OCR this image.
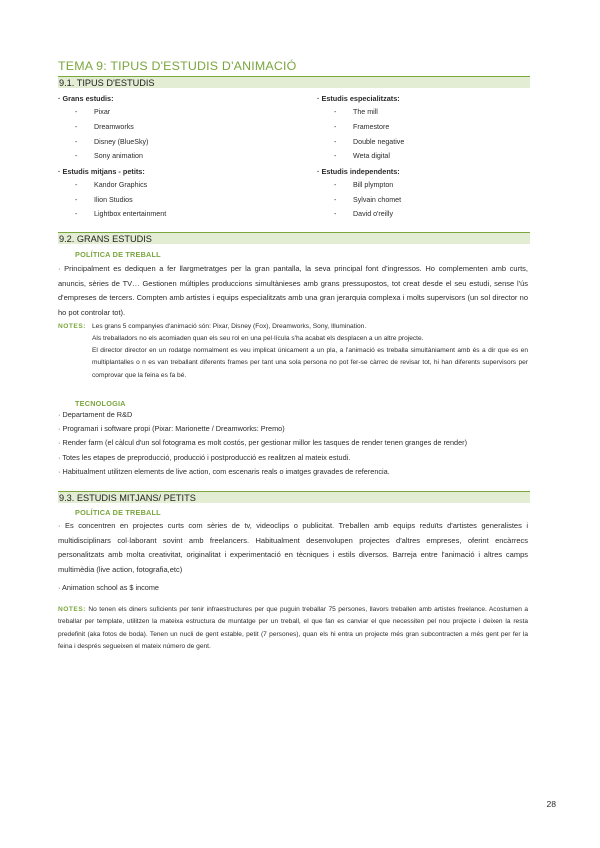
TEMA 9: TIPUS D'ESTUDIS D'ANIMACIÓ
9.1. TIPUS D'ESTUDIS
· Grans estudis:
- Pixar
- Dreamworks
- Disney (BlueSky)
- Sony animation
· Estudis mitjans - petits:
- Kandor Graphics
- Ilion Studios
- Lightbox entertainment
· Estudis especialitzats:
- The mill
- Framestore
- Double negative
- Weta digital
· Estudis independents:
- Bill plympton
- Sylvain chomet
- David o'reilly
9.2. GRANS ESTUDIS
POLÍTICA DE TREBALL
· Principalment es dediquen a fer llargmetratges per la gran pantalla, la seva principal font d'ingressos. Ho complementen amb curts, anuncis, sèries de TV… Gestionen múltiples produccions simultànieses amb grans pressupostos, tot creat desde el seu estudi, sense l'ús d'empreses de tercers. Compten amb artistes i equips especialitzats amb una gran jerarquia complexa i molts supervisors (un sol director no ho pot controlar tot).
NOTES: Les grans 5 companyies d'animació són: Pixar, Disney (Fox), Dreamworks, Sony, Illumination.
Als treballadors no els acomiaden quan els seu rol en una pel·lícula s'ha acabat els desplacen a un altre projecte.
El director director en un rodatge normalment es veu implicat únicament a un pla, a l'animació es treballa simultàniament amb és a dir que es en multiplantalles o n es van treballant diferents frames per tant una sola persona no pot fer-se càrrec de revisar tot, hi han diferents supervisors per comprovar que la feina es fa bé.
TECNOLOGIA
· Departament de R&D
· Programari i software propi (Pixar: Marionette / Dreamworks: Premo)
· Render farm (el càlcul d'un sol fotograma es molt costós, per gestionar millor les tasques de render tenen granges de render)
· Totes les etapes de preproducció, producció i postproducció es realitzen al mateix estudi.
· Habitualment utilitzen elements de live action, com escenaris reals o imatges gravades de referencia.
9.3. ESTUDIS MITJANS/ PETITS
POLÍTICA DE TREBALL
· Es concentren en projectes curts com sèries de tv, videoclips o publicitat. Treballen amb equips reduïts d'artistes generalistes i multidisciplinars col·laborant sovint amb freelancers. Habitualment desenvolupen projectes d'altres empreses, oferint encàrrecs personalitzats amb molta creativitat, originalitat i experimentació en tècniques i estils diversos. Barreja entre l'animació i altres camps multimèdia (live action, fotografia,etc)
· Animation school as $ income
NOTES: No tenen els diners suficients per tenir infraestructures per que puguin treballar 75 persones, llavors treballen amb artistes freelance. Acostumen a treballar per template, utilitzen la mateixa estructura de muntatge per un treball, el que fan es canviar el que necessiten pel nou projecte i deixen la resta predefinit (aka fotos de boda). Tenen un nucli de gent estable, petit (7 persones), quan els hi entra un projecte més gran subcontracten a més gent per fer la feina i després segueixen el mateix número de gent.
28
